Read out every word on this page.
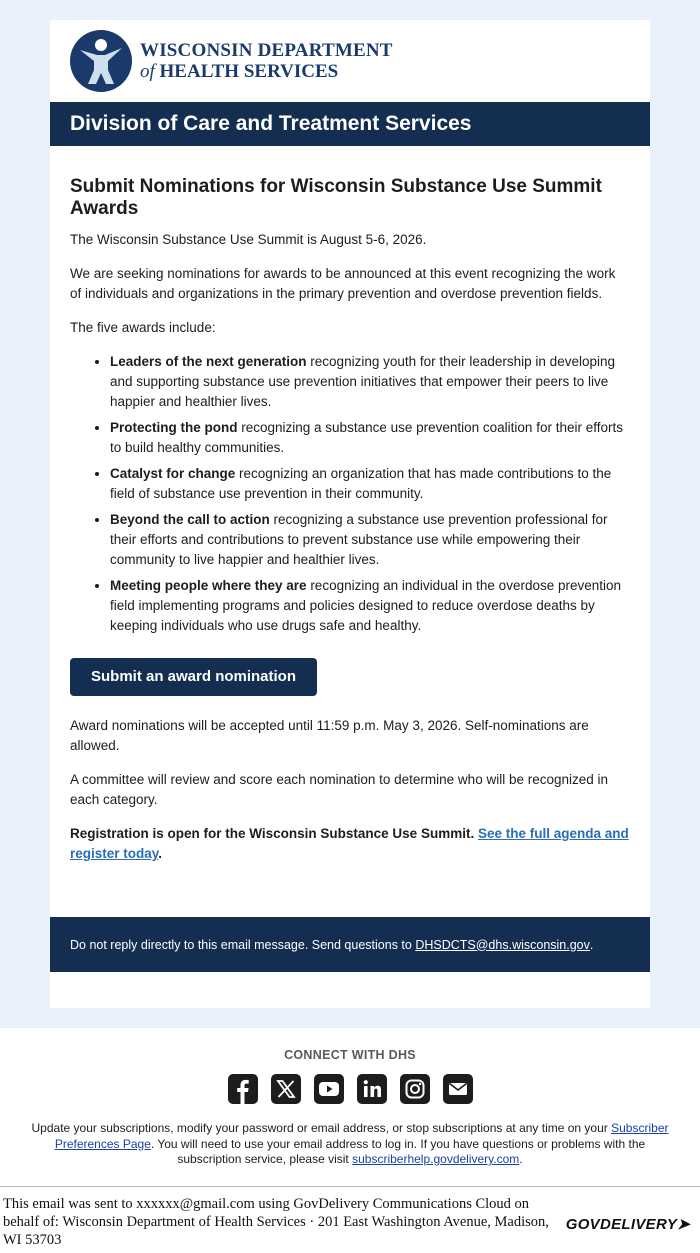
WISCONSIN DEPARTMENT
of HEALTH SERVICES
Division of Care and Treatment Services
Submit Nominations for Wisconsin Substance Use Summit Awards

The Wisconsin Substance Use Summit is August 5-6, 2026.

We are seeking nominations for awards to be announced at this event recognizing the work of individuals and organizations in the primary prevention and overdose prevention fields.

The five awards include:

• Leaders of the next generation recognizing youth for their leadership in developing and supporting substance use prevention initiatives that empower their peers to live happier and healthier lives.
• Protecting the pond recognizing a substance use prevention coalition for their efforts to build healthy communities.
• Catalyst for change recognizing an organization that has made contributions to the field of substance use prevention in their community.
• Beyond the call to action recognizing a substance use prevention professional for their efforts and contributions to prevent substance use while empowering their community to live happier and healthier lives.
• Meeting people where they are recognizing an individual in the overdose prevention field implementing programs and policies designed to reduce overdose deaths by keeping individuals who use drugs safe and healthy.
Submit an award nomination

Award nominations will be accepted until 11:59 p.m. May 3, 2026. Self-nominations are allowed.

A committee will review and score each nomination to determine who will be recognized in each category.

Registration is open for the Wisconsin Substance Use Summit. See the full agenda and register today.

Do not reply directly to this email message. Send questions to
DHSDCTS@dhs.wisconsin.gov .
CONNECT WITH DHS
Update your subscriptions, modify your password or email address, or stop subscriptions at any time on your Subscriber Preferences Page. You will need to use your email address to log in. If you have questions or problems with the subscription service, please visit subscriberhelp.govdelivery.com.
This email was sent to xxxxxx@gmail.com using GovDelivery Communications Cloud on behalf of: Wisconsin Department of Health Services · 201 East Washington Avenue, Madison, WI 53703
GOVDELIVERY➤
